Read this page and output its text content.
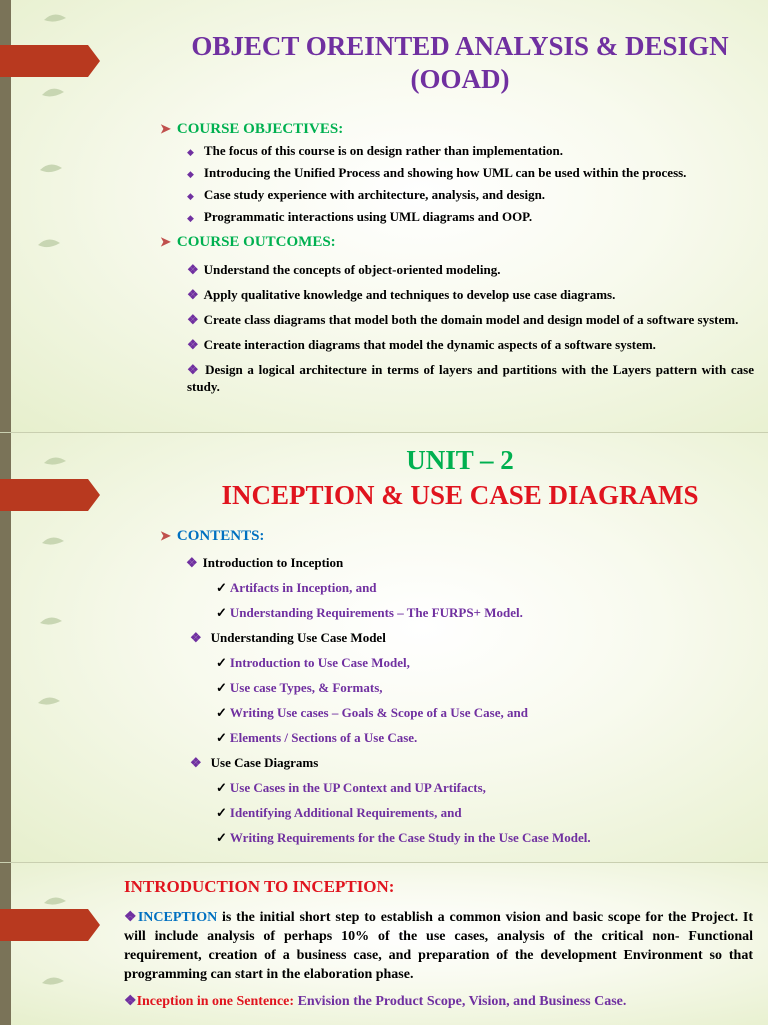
OBJECT OREINTED ANALYSIS & DESIGN
(OOAD)
➤ COURSE OBJECTIVES:
◆ The focus of this course is on design rather than implementation.
◆ Introducing the Unified Process and showing how UML can be used within the process.
◆ Case study experience with architecture, analysis, and design.
◆ Programmatic interactions using UML diagrams and OOP.
➤ COURSE OUTCOMES:
❖ Understand the concepts of object-oriented modeling.
❖ Apply qualitative knowledge and techniques to develop use case diagrams.
❖ Create class diagrams that model both the domain model and design model of a software system.
❖ Create interaction diagrams that model the dynamic aspects of a software system.
❖ Design a logical architecture in terms of layers and partitions with the Layers pattern with case study.
UNIT – 2
INCEPTION & USE CASE DIAGRAMS
➤ CONTENTS:
❖ Introduction to Inception
✓ Artifacts in Inception, and
✓ Understanding Requirements – The FURPS+ Model.
❖ Understanding Use Case Model
✓ Introduction to Use Case Model,
✓ Use case Types, & Formats,
✓ Writing Use cases – Goals & Scope of a Use Case, and
✓ Elements / Sections of a Use Case.
❖ Use Case Diagrams
✓ Use Cases in the UP Context and UP Artifacts,
✓ Identifying Additional Requirements, and
✓ Writing Requirements for the Case Study in the Use Case Model.
INTRODUCTION TO INCEPTION:
❖INCEPTION is the initial short step to establish a common vision and basic scope for the Project. It will include analysis of perhaps 10% of the use cases, analysis of the critical non- Functional requirement, creation of a business case, and preparation of the development Environment so that programming can start in the elaboration phase.
❖Inception in one Sentence: Envision the Product Scope, Vision, and Business Case.
